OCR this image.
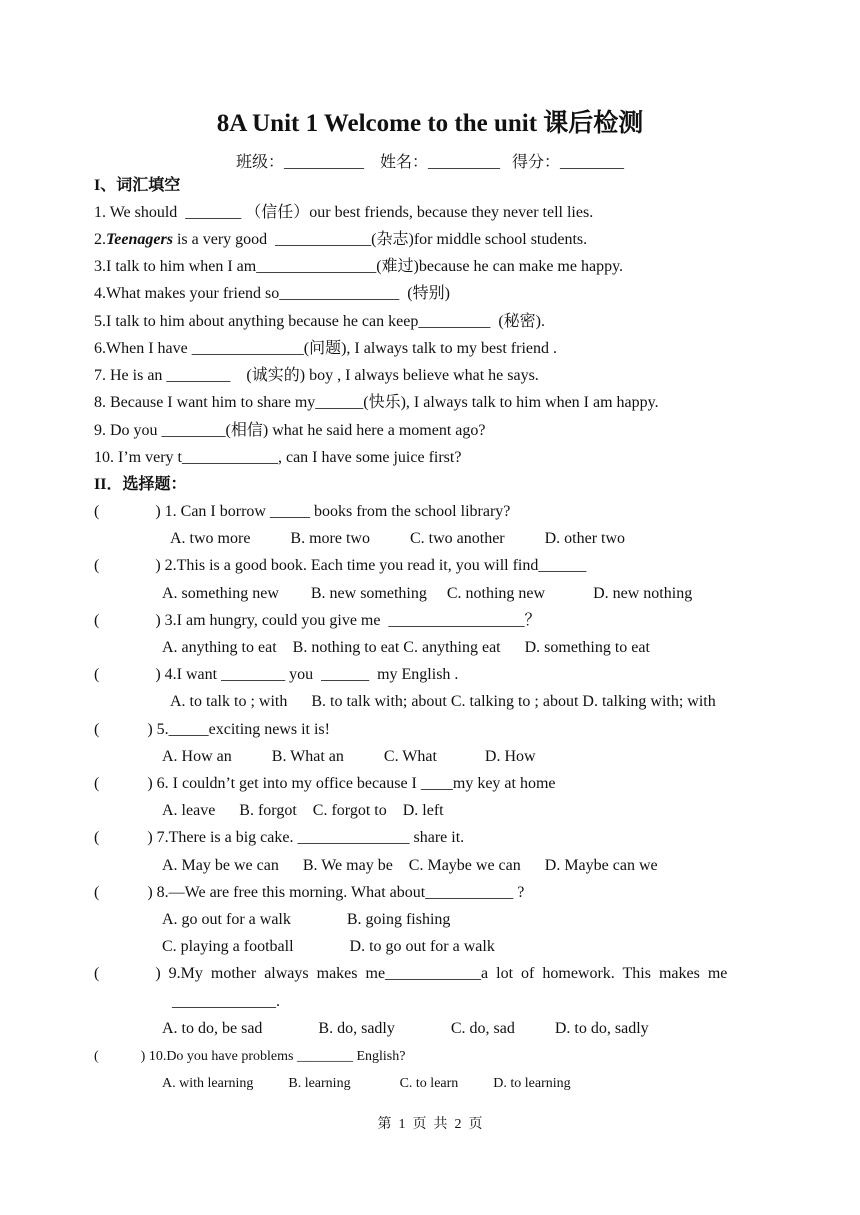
8A Unit 1 Welcome to the unit 课后检测
班级：__________    姓名：_________   得分：________
I、词汇填空
1. We should  _______ （信任）our best friends, because they never tell lies.
2.Teenagers is a very good  ____________(杂志)for middle school students.
3.I talk to him when I am_______________(难过)because he can make me happy.
4.What makes your friend so_______________  (特别)
5.I talk to him about anything because he can keep_________  (秘密).
6.When I have ______________(问题), I always talk to my best friend .
7. He is an ________    (诚实的) boy , I always believe what he says.
8. Because I want him to share my______(快乐), I always talk to him when I am happy.
9. Do you ________(相信) what he said here a moment ago?
10. I’m very t____________, can I have some juice first?
II．选择题：
(              ) 1. Can I borrow _____ books from the school library?
A. two more          B. more two          C. two another          D. other two
(              ) 2.This is a good book. Each time you read it, you will find______
A. something new        B. new something     C. nothing new            D. new nothing
(              ) 3.I am hungry, could you give me  _________________？
A. anything to eat    B. nothing to eat C. anything eat      D. something to eat
(              ) 4.I want ________ you  ______  my English .
A. to talk to ; with      B. to talk with; about C. talking to ; about D. talking with; with
(            ) 5._____exciting news it is!
A. How an          B. What an          C. What            D. How
(            ) 6. I couldn’t get into my office because I ____my key at home
A. leave      B. forgot    C. forgot to    D. left
(            ) 7.There is a big cake. ______________ share it.
A. May be we can      B. We may be    C. Maybe we can      D. Maybe can we
(            ) 8.—We are free this morning. What about___________ ?
A. go out for a walk              B. going fishing
C. playing a football              D. to go out for a walk
(              )  9.My  mother  always  makes  me____________a  lot  of  homework.  This  makes  me
_____________.
A. to do, be sad              B. do, sadly              C. do, sad          D. to do, sadly
(            ) 10.Do you have problems ________ English?
A. with learning          B. learning              C. to learn          D. to learning
第  1  页  共  2  页
